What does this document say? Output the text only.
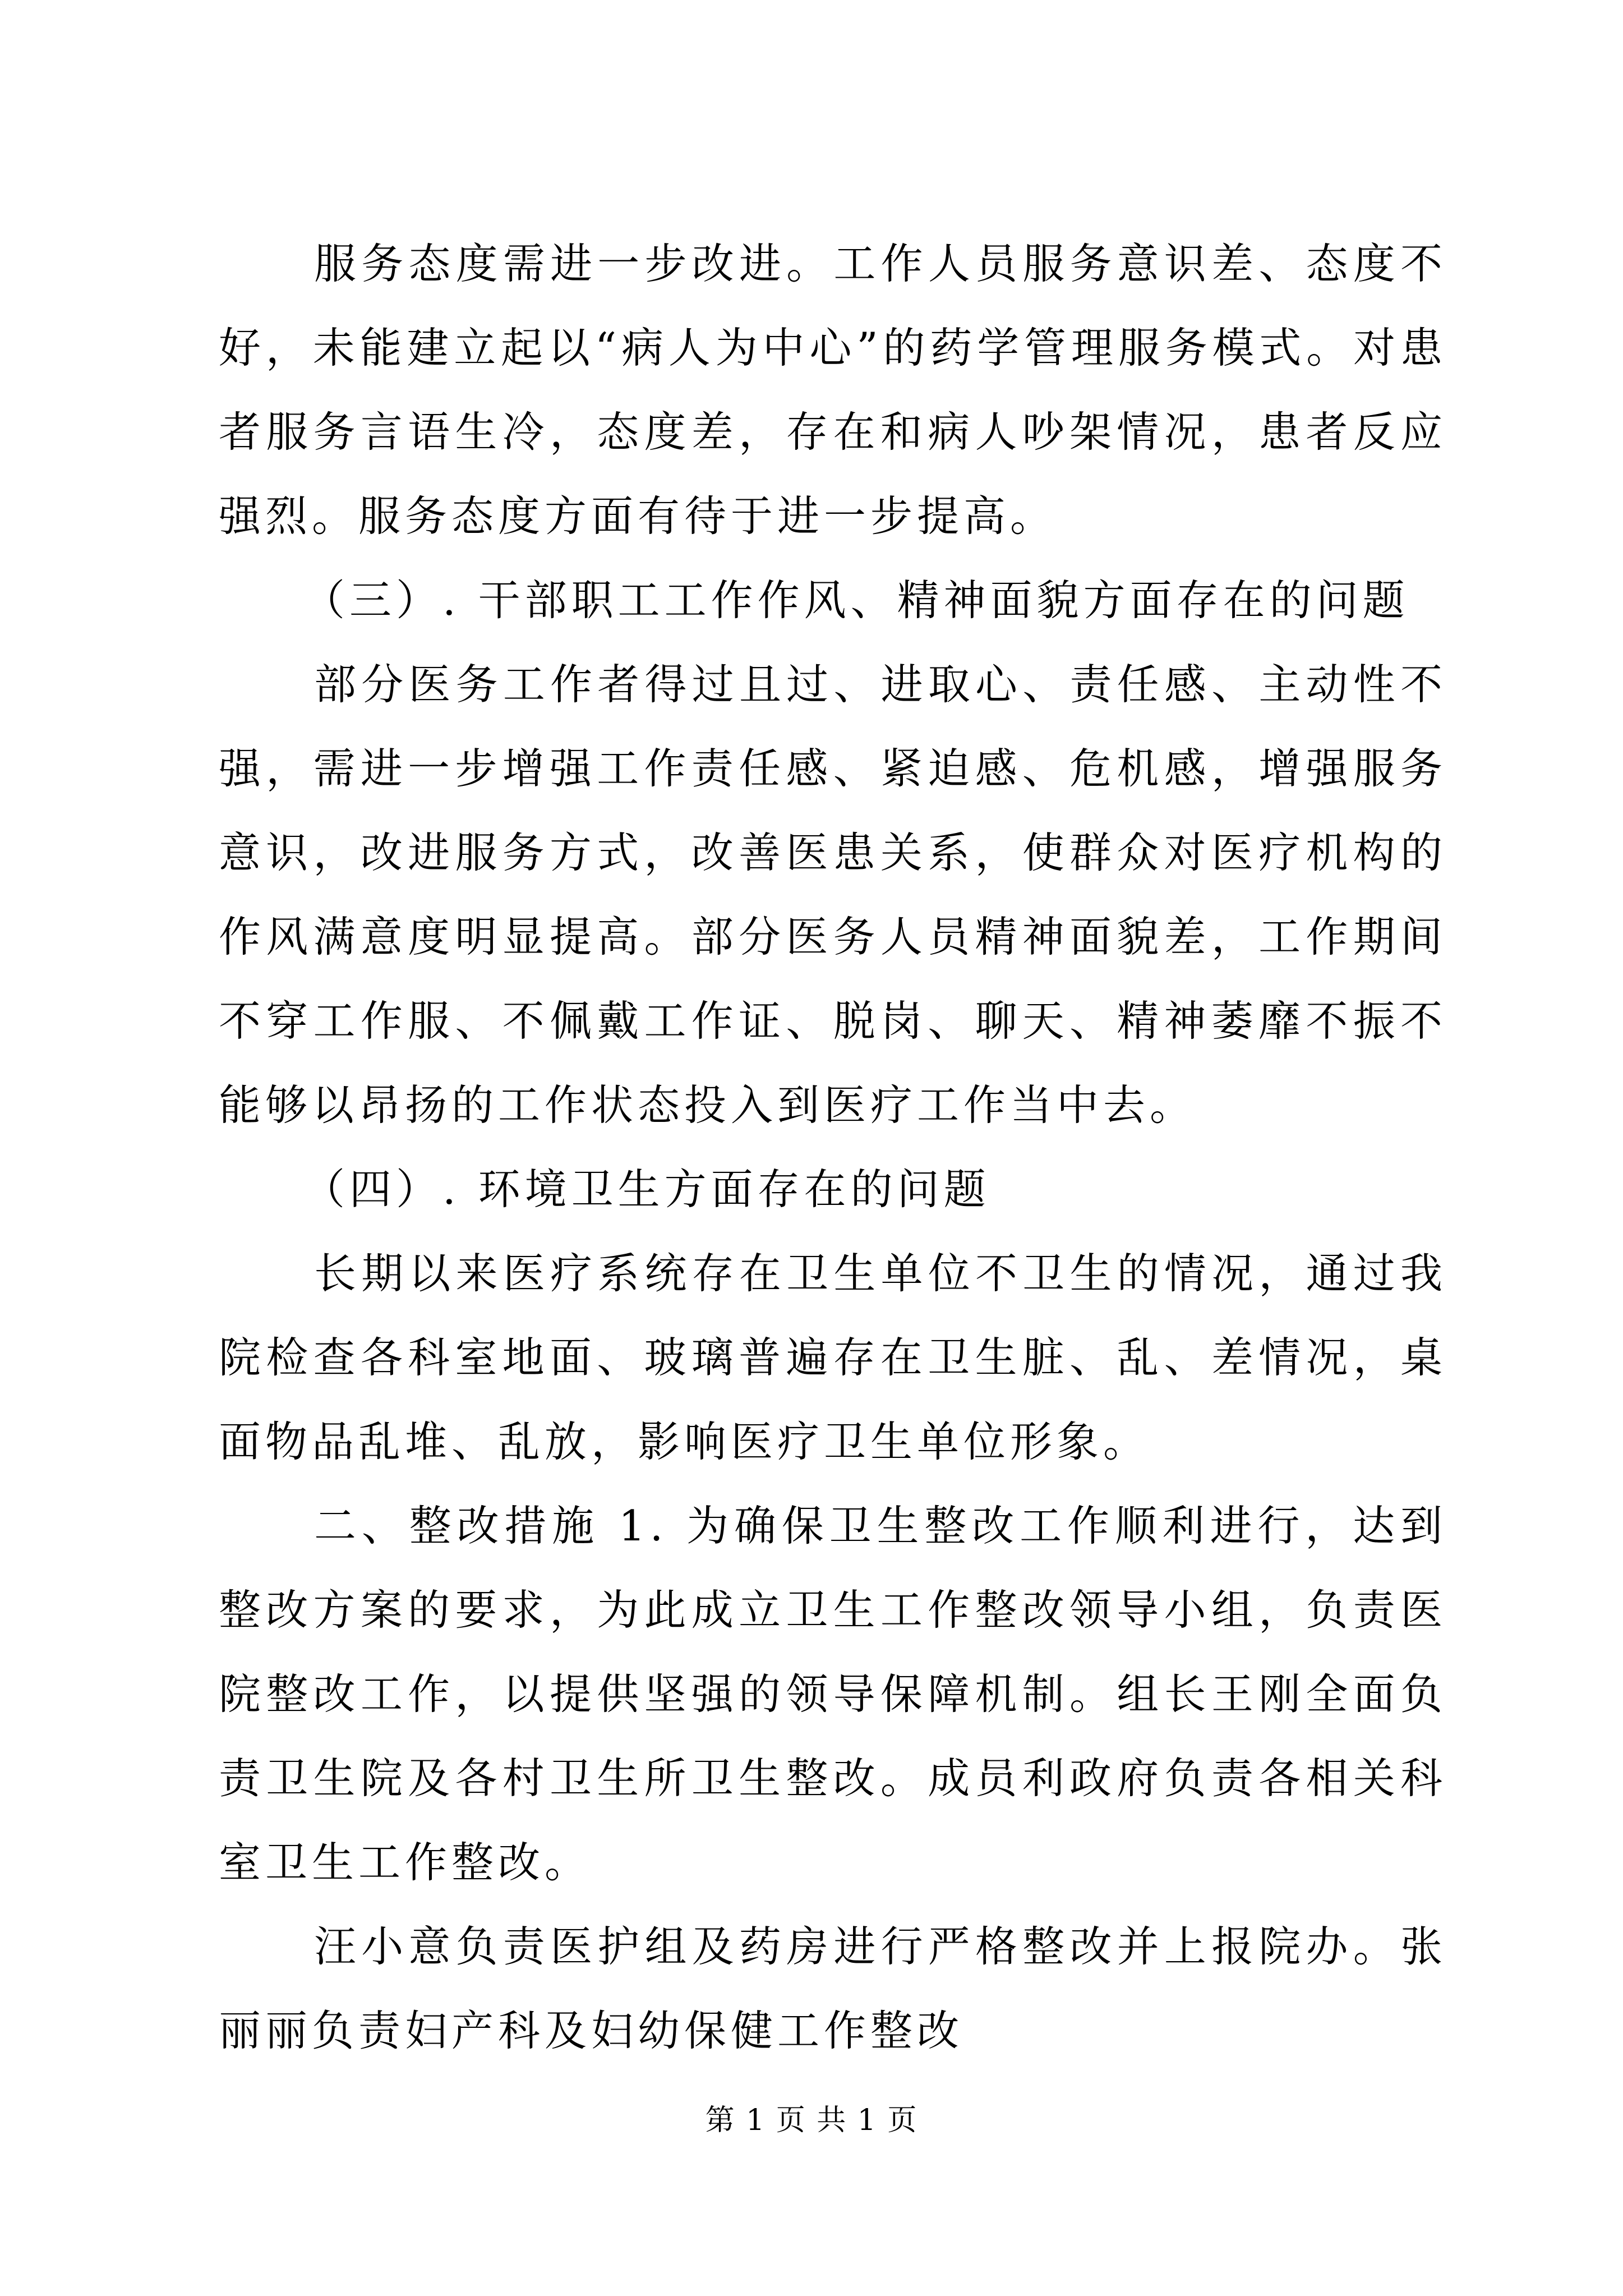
服务态度需进一步改进。工作人员服务意识差、态度不好，未能建立起以“病人为中心”的药学管理服务模式。对患者服务言语生冷，态度差，存在和病人吵架情况，患者反应强烈。服务态度方面有待于进一步提高。

（三）. 干部职工工作作风、精神面貌方面存在的问题

部分医务工作者得过且过、进取心、责任感、主动性不强，需进一步增强工作责任感、紧迫感、危机感，增强服务意识，改进服务方式，改善医患关系，使群众对医疗机构的作风满意度明显提高。部分医务人员精神面貌差，工作期间不穿工作服、不佩戴工作证、脱岗、聊天、精神萎靡不振不能够以昂扬的工作状态投入到医疗工作当中去。

（四）. 环境卫生方面存在的问题

长期以来医疗系统存在卫生单位不卫生的情况，通过我院检查各科室地面、玻璃普遍存在卫生脏、乱、差情况，桌面物品乱堆、乱放，影响医疗卫生单位形象。

二、整改措施 1. 为确保卫生整改工作顺利进行，达到整改方案的要求，为此成立卫生工作整改领导小组，负责医院整改工作，以提供坚强的领导保障机制。组长王刚全面负责卫生院及各村卫生所卫生整改。成员利政府负责各相关科室卫生工作整改。

汪小意负责医护组及药房进行严格整改并上报院办。张丽丽负责妇产科及妇幼保健工作整改

第 1 页 共 1 页
